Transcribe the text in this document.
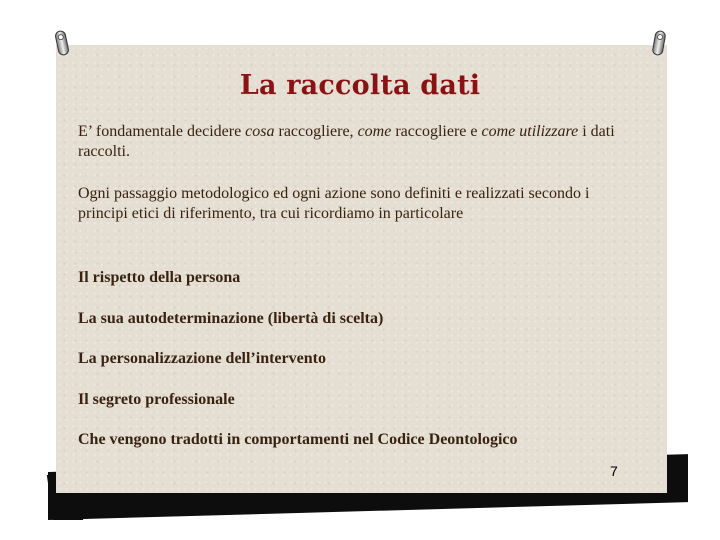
La raccolta dati

E’ fondamentale decidere cosa raccogliere, come raccogliere e come utilizzare i dati raccolti.

Ogni passaggio metodologico ed ogni azione sono definiti e realizzati secondo i principi etici di riferimento, tra cui ricordiamo in particolare

Il rispetto della persona

La sua autodeterminazione (libertà di scelta)

La personalizzazione dell’intervento

Il segreto professionale

Che vengono tradotti in comportamenti nel Codice Deontologico

7
